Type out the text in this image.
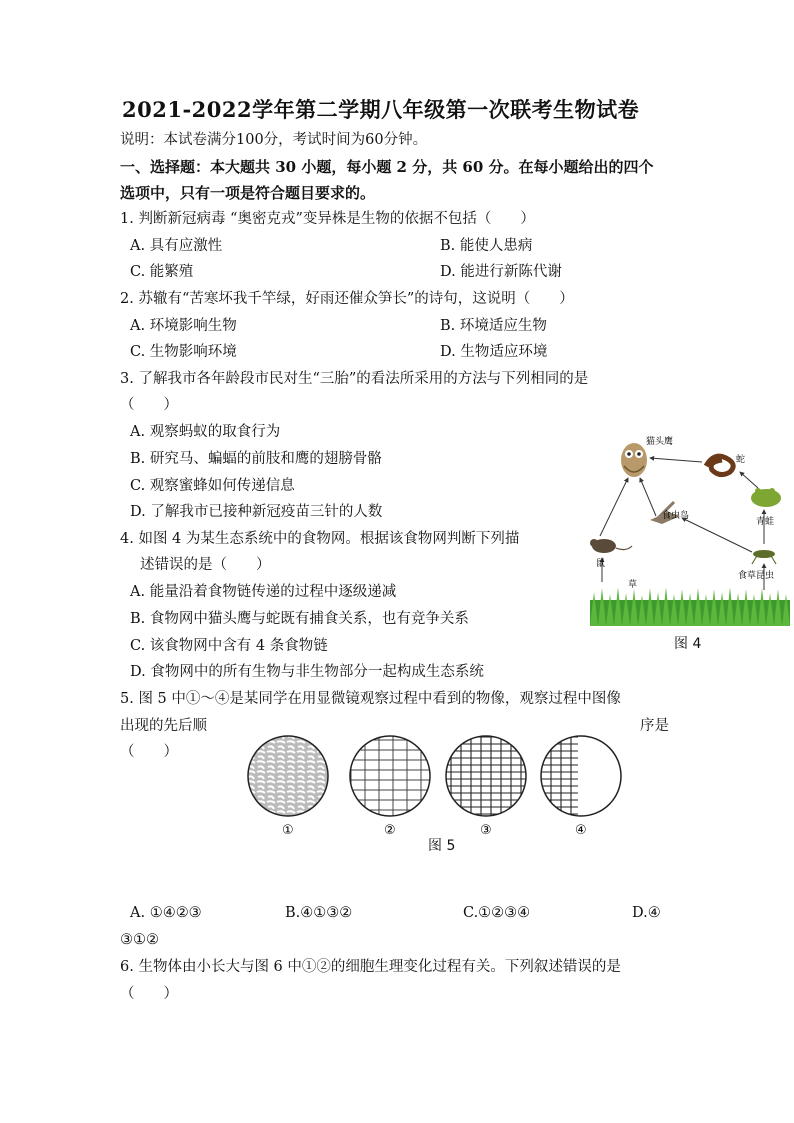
2021-2022学年第二学期八年级第一次联考生物试卷
说明：本试卷满分100分，考试时间为60分钟。
一、选择题：本大题共 30 小题，每小题 2 分，共 60 分。在每小题给出的四个
选项中，只有一项是符合题目要求的。
1. 判断新冠病毒 “奥密克戎”变异株是生物的依据不包括（　　）
A. 具有应激性	B. 能使人患病
C. 能繁殖	D. 能进行新陈代谢
2. 苏辙有“苦寒坏我千竿绿，好雨还催众笋长”的诗句，这说明（　　）
A. 环境影响生物	B. 环境适应生物
C. 生物影响环境	D. 生物适应环境
3. 了解我市各年龄段市民对生“三胎”的看法所采用的方法与下列相同的是
（　　）
A. 观察蚂蚁的取食行为
B. 研究马、蝙蝠的前肢和鹰的翅膀骨骼
C. 观察蜜蜂如何传递信息
D. 了解我市已接种新冠疫苗三针的人数
4. 如图 4 为某生态系统中的食物网。根据该食物网判断下列描
述错误的是（　　）
A. 能量沿着食物链传递的过程中逐级递减
B. 食物网中猫头鹰与蛇既有捕食关系，也有竞争关系
C. 该食物网中含有 4 条食物链
D. 食物网中的所有生物与非生物部分一起构成生态系统
猫头鹰
蛇
食虫鸟
青蛙
鼠
食草昆虫
草
图 4
5. 图 5 中①～④是某同学在用显微镜观察过程中看到的物像，观察过程中图像
出现的先后顺	序是
（　　）
①	②	③	④
图 5
A. ①④②③	B.④①③②	C.①②③④	D.④
③①②
6. 生物体由小长大与图 6 中①②的细胞生理变化过程有关。下列叙述错误的是
（　　）
